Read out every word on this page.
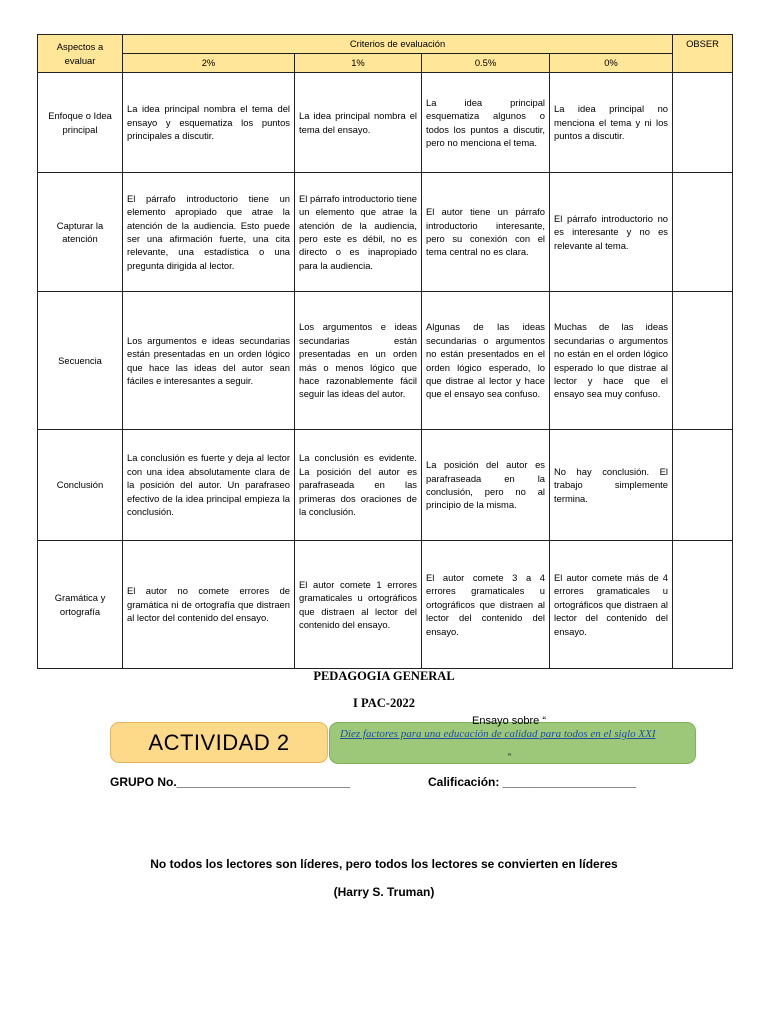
Aspectos a evaluar	Criterios de evaluación				OBSER
	2%	1%	0.5%	0%	
Enfoque o Idea principal	La idea principal nombra el tema del ensayo y esquematiza los puntos principales a discutir.	La idea principal nombra el tema del ensayo.	La idea principal esquematiza algunos o todos los puntos a discutir, pero no menciona el tema.	La idea principal no menciona el tema y ni los puntos a discutir.	
Capturar la atención	El párrafo introductorio tiene un elemento apropiado que atrae la atención de la audiencia. Esto puede ser una afirmación fuerte, una cita relevante, una estadística o una pregunta dirigida al lector.	El párrafo introductorio tiene un elemento que atrae la atención de la audiencia, pero este es débil, no es directo o es inapropiado para la audiencia.	El autor tiene un párrafo introductorio interesante, pero su conexión con el tema central no es clara.	El párrafo introductorio no es interesante y no es relevante al tema.	
Secuencia	Los argumentos e ideas secundarias están presentadas en un orden lógico que hace las ideas del autor sean fáciles e interesantes a seguir.	Los argumentos e ideas secundarias están presentadas en un orden más o menos lógico que hace razonablemente fácil seguir las ideas del autor.	Algunas de las ideas secundarias o argumentos no están presentados en el orden lógico esperado, lo que distrae al lector y hace que el ensayo sea confuso.	Muchas de las ideas secundarias o argumentos no están en el orden lógico esperado lo que distrae al lector y hace que el ensayo sea muy confuso.	
Conclusión	La conclusión es fuerte y deja al lector con una idea absolutamente clara de la posición del autor. Un parafraseo efectivo de la idea principal empieza la conclusión.	La conclusión es evidente. La posición del autor es parafraseada en las primeras dos oraciones de la conclusión.	La posición del autor es parafraseada en la conclusión, pero no al principio de la misma.	No hay conclusión. El trabajo simplemente termina.	
Gramática y ortografía	El autor no comete errores de gramática ni de ortografía que distraen al lector del contenido del ensayo.	El autor comete 1 errores gramaticales u ortográficos que distraen al lector del contenido del ensayo.	El autor comete 3 a 4 errores gramaticales u ortográficos que distraen al lector del contenido del ensayo.	El autor comete más de 4 errores gramaticales u ortográficos que distraen al lector del contenido del ensayo.	
PEDAGOGIA GENERAL
I PAC-2022
ACTIVIDAD 2
Ensayo sobre “
Diez factores para una educación de calidad para todos en el siglo XXI
”
GRUPO No.__________________________	Calificación: ____________________
No todos los lectores son líderes, pero todos los lectores se convierten en líderes
(Harry S. Truman)
